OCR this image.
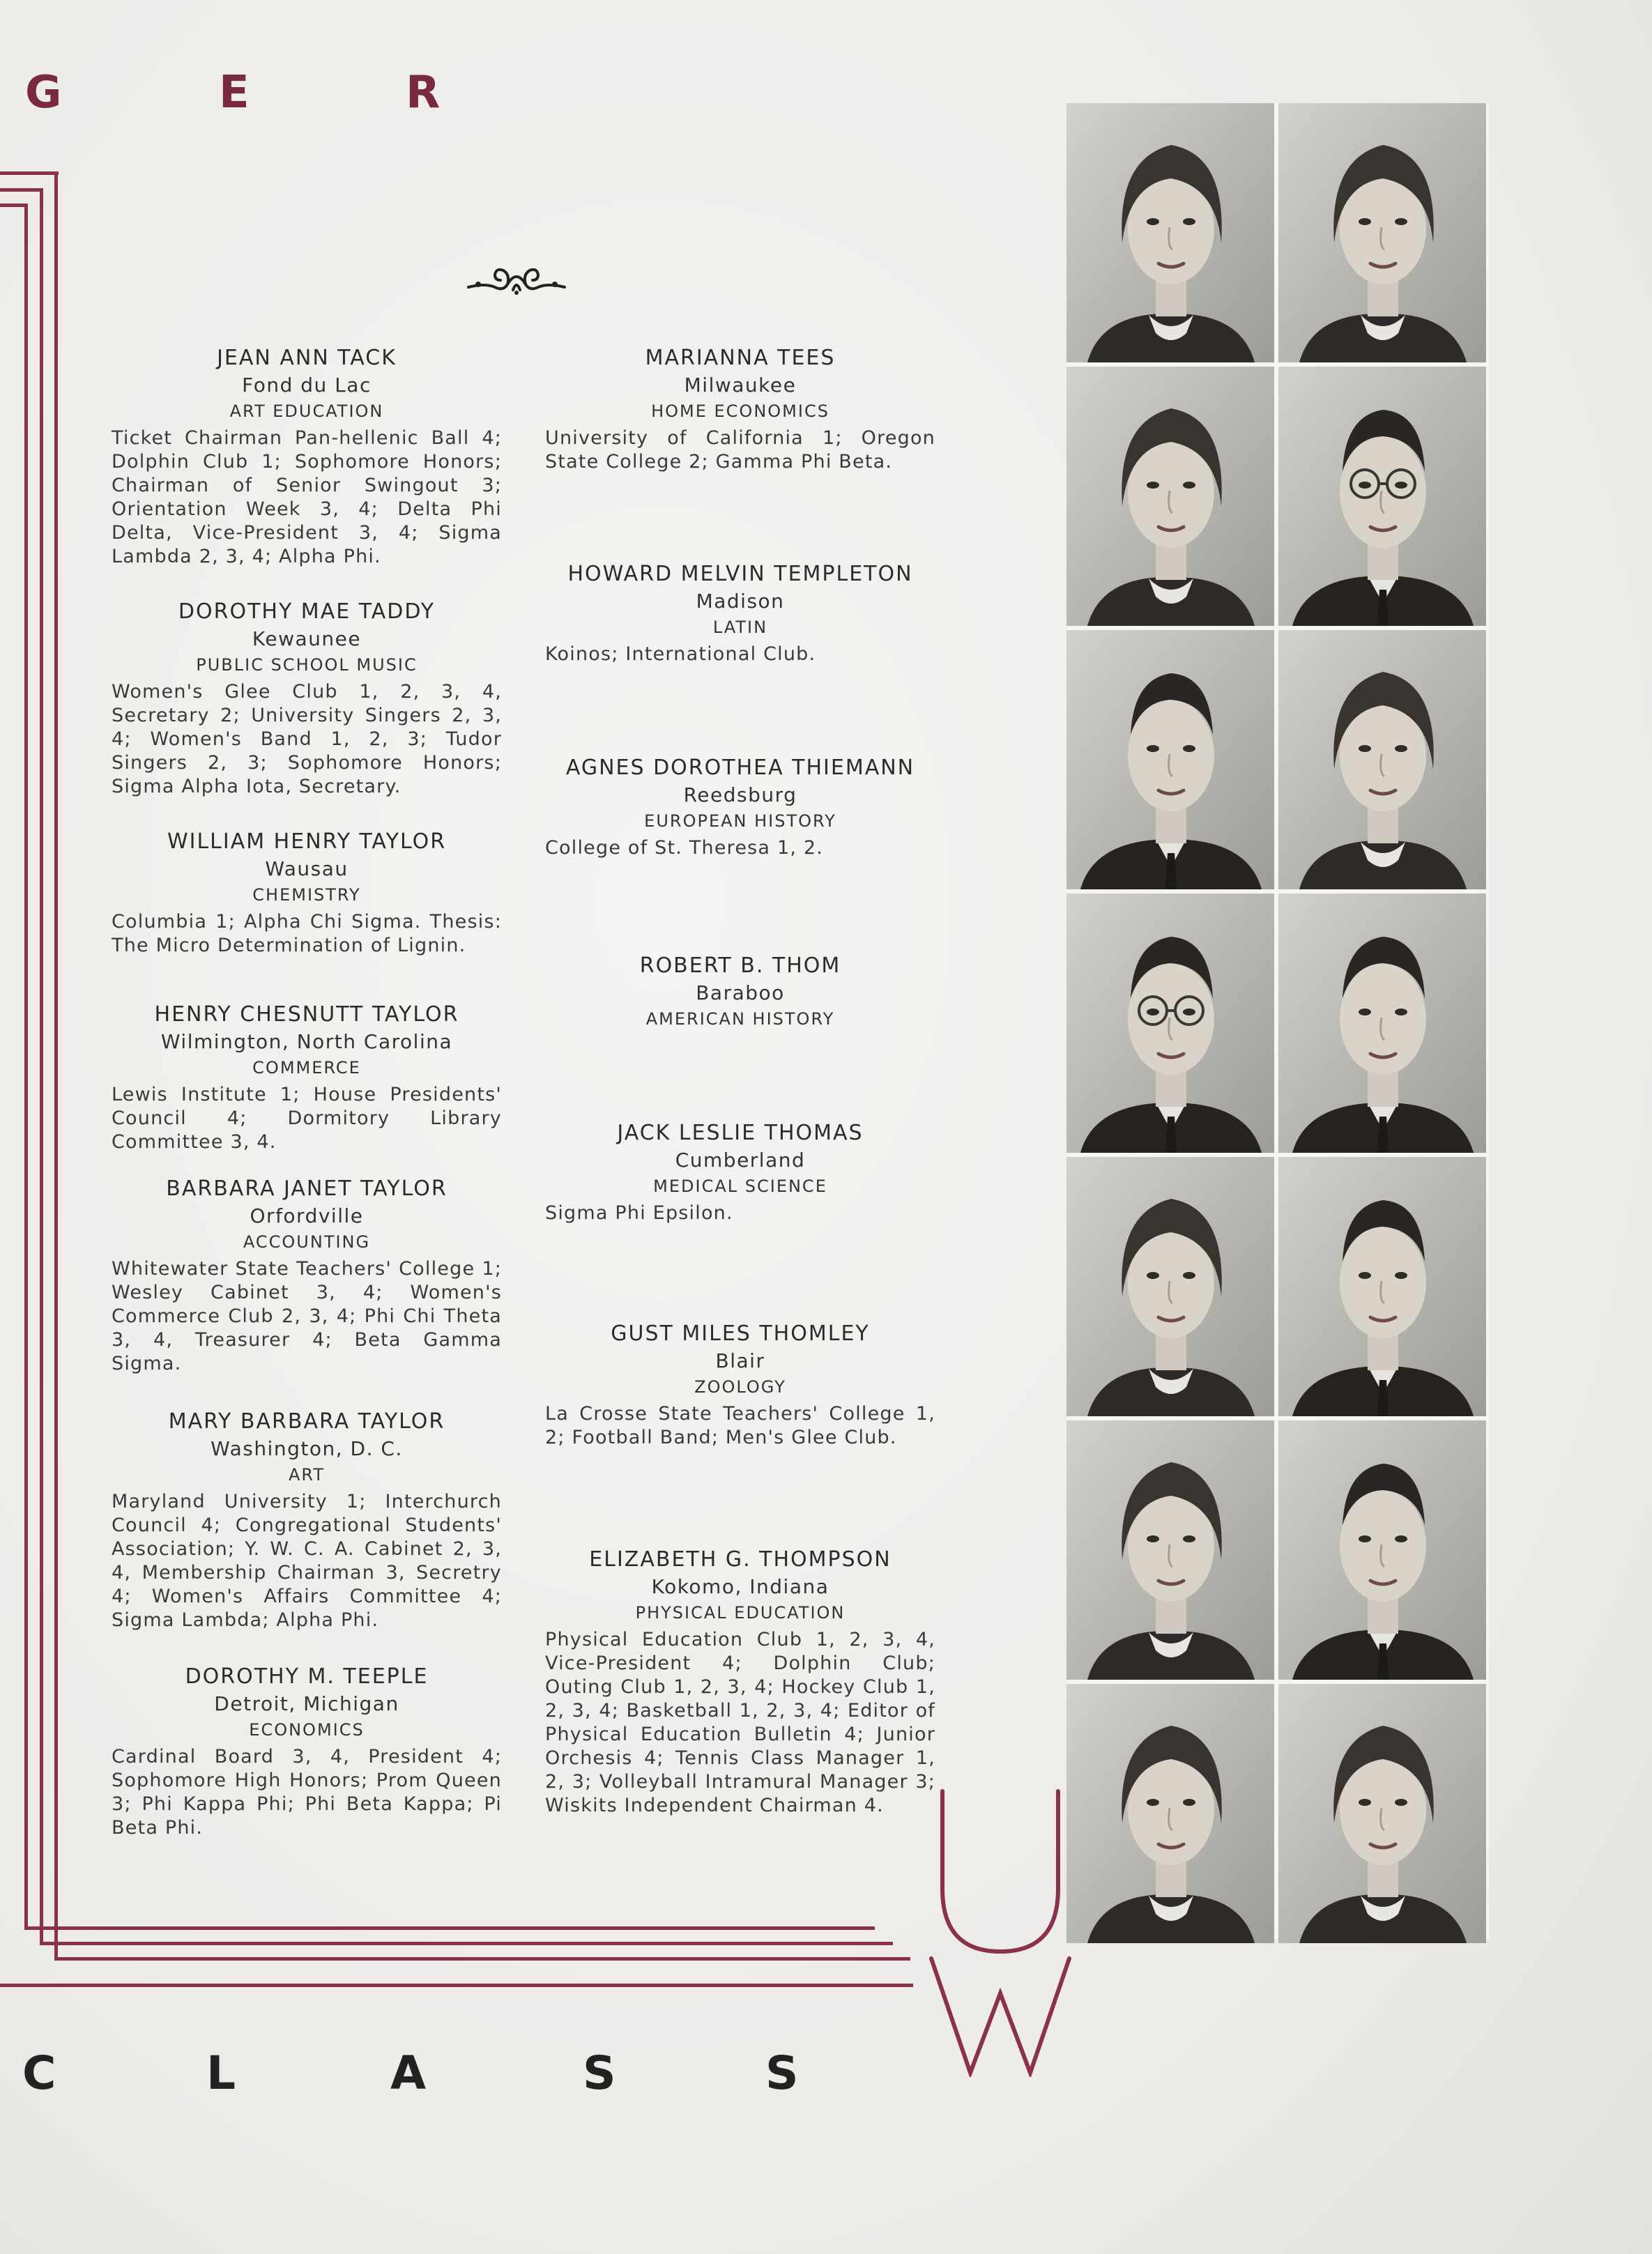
G	E	R
JEAN ANN TACK
Fond du Lac
ART EDUCATION
Ticket Chairman Pan-hellenic Ball 4; Dolphin Club 1; Sophomore Honors; Chairman of Senior Swingout 3; Orientation Week 3, 4; Delta Phi Delta, Vice-President 3, 4; Sigma Lambda 2, 3, 4; Alpha Phi.
DOROTHY MAE TADDY
Kewaunee
PUBLIC SCHOOL MUSIC
Women's Glee Club 1, 2, 3, 4, Secretary 2; University Singers 2, 3, 4; Women's Band 1, 2, 3; Tudor Singers 2, 3; Sophomore Honors; Sigma Alpha Iota, Secretary.
WILLIAM HENRY TAYLOR
Wausau
CHEMISTRY
Columbia 1; Alpha Chi Sigma. Thesis: The Micro Determination of Lignin.
HENRY CHESNUTT TAYLOR
Wilmington, North Carolina
COMMERCE
Lewis Institute 1; House Presidents' Council 4; Dormitory Library Committee 3, 4.
BARBARA JANET TAYLOR
Orfordville
ACCOUNTING
Whitewater State Teachers' College 1; Wesley Cabinet 3, 4; Women's Commerce Club 2, 3, 4; Phi Chi Theta 3, 4, Treasurer 4; Beta Gamma Sigma.
MARY BARBARA TAYLOR
Washington, D. C.
ART
Maryland University 1; Interchurch Council 4; Congregational Students' Association; Y. W. C. A. Cabinet 2, 3, 4, Membership Chairman 3, Secretry 4; Women's Affairs Committee 4; Sigma Lambda; Alpha Phi.
DOROTHY M. TEEPLE
Detroit, Michigan
ECONOMICS
Cardinal Board 3, 4, President 4; Sophomore High Honors; Prom Queen 3; Phi Kappa Phi; Phi Beta Kappa; Pi Beta Phi.
MARIANNA TEES
Milwaukee
HOME ECONOMICS
University of California 1; Oregon State College 2; Gamma Phi Beta.
HOWARD MELVIN TEMPLETON
Madison
LATIN
Koinos; International Club.
AGNES DOROTHEA THIEMANN
Reedsburg
EUROPEAN HISTORY
College of St. Theresa 1, 2.
ROBERT B. THOM
Baraboo
AMERICAN HISTORY
JACK LESLIE THOMAS
Cumberland
MEDICAL SCIENCE
Sigma Phi Epsilon.
GUST MILES THOMLEY
Blair
ZOOLOGY
La Crosse State Teachers' College 1, 2; Football Band; Men's Glee Club.
ELIZABETH G. THOMPSON
Kokomo, Indiana
PHYSICAL EDUCATION
Physical Education Club 1, 2, 3, 4, Vice-President 4; Dolphin Club; Outing Club 1, 2, 3, 4; Hockey Club 1, 2, 3, 4; Basketball 1, 2, 3, 4; Editor of Physical Education Bulletin 4; Junior Orchesis 4; Tennis Class Manager 1, 2, 3; Volleyball Intramural Manager 3; Wiskits Independent Chairman 4.

C	L	A	S	S
